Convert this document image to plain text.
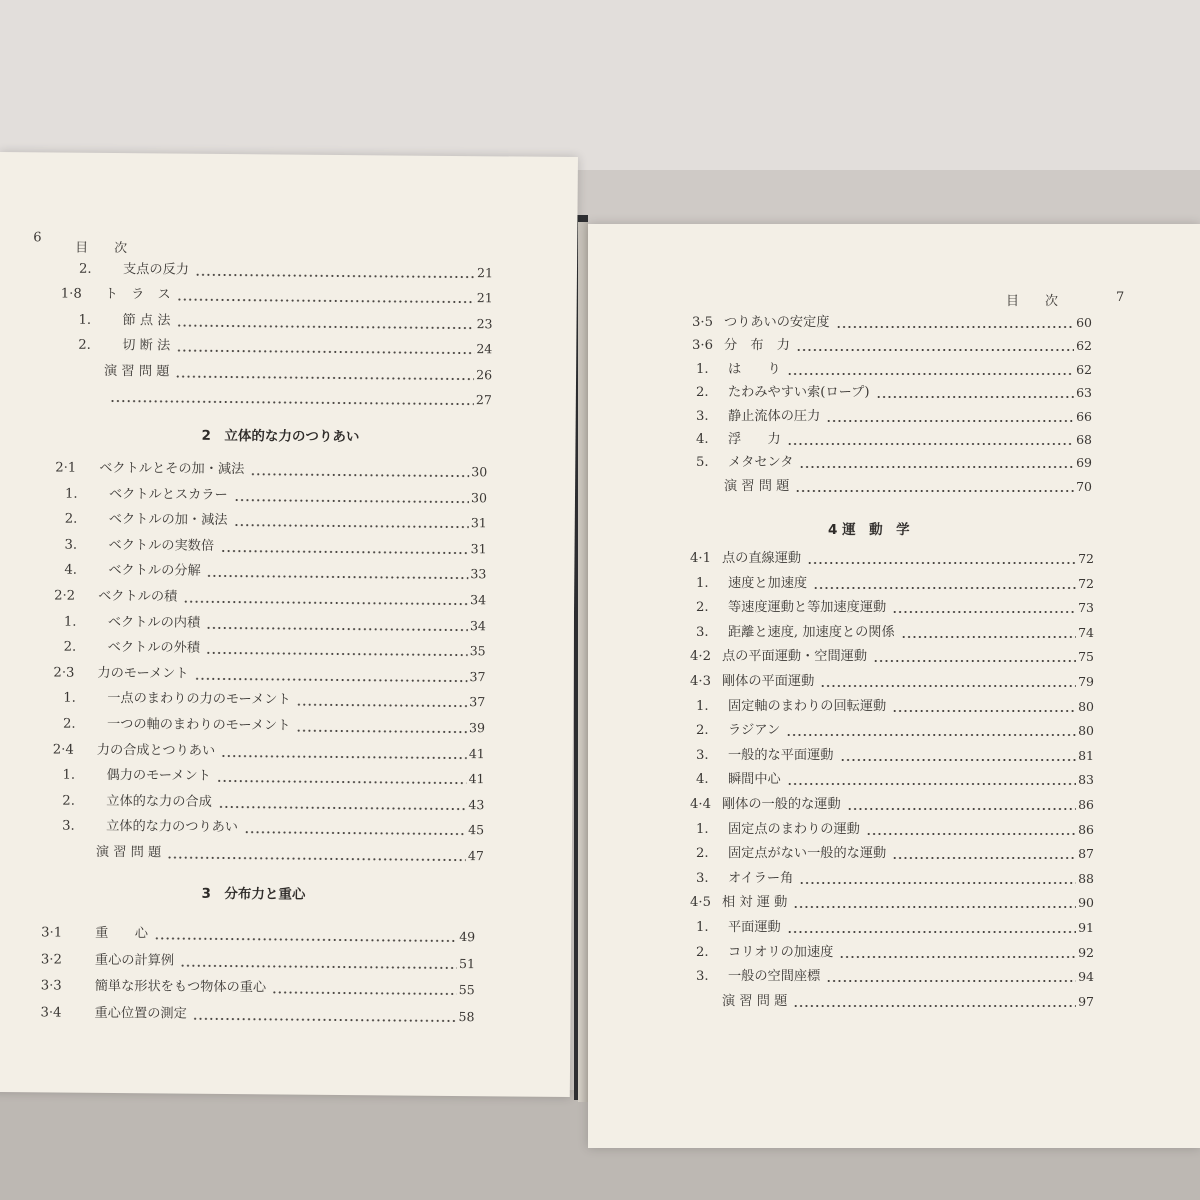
6
目　　次
2.	支点の反力	21
1·8	ト　ラ　ス	21
1.	節 点 法	23
2.	切 断 法	24
演 習 問 題	26
27
2　立体的な力のつりあい
2·1	ベクトルとその加・減法	30
1.	ベクトルとスカラー	30
2.	ベクトルの加・減法	31
3.	ベクトルの実数倍	31
4.	ベクトルの分解	33
2·2	ベクトルの積	34
1.	ベクトルの内積	34
2.	ベクトルの外積	35
2·3	力のモーメント	37
1.	一点のまわりの力のモーメント	37
2.	一つの軸のまわりのモーメント	39
2·4	力の合成とつりあい	41
1.	偶力のモーメント	41
2.	立体的な力の合成	43
3.	立体的な力のつりあい	45
演 習 問 題	47
3　分布力と重心
3·1	重　　心	49
3·2	重心の計算例	51
3·3	簡単な形状をもつ物体の重心	55
3·4	重心位置の測定	58
目　　次	7
3·5 つりあいの安定度	60
3·6 分　布　力	62
1.	は　　り	62
2.	たわみやすい索(ロープ)	63
3.	静止流体の圧力	66
4.	浮　　力	68
5.	メタセンタ	69
演 習 問 題	70
4 運　動　学
4·1 点の直線運動	72
1.	速度と加速度	72
2.	等速度運動と等加速度運動	73
3.	距離と速度, 加速度との関係	74
4·2 点の平面運動・空間運動	75
4·3 剛体の平面運動	79
1.	固定軸のまわりの回転運動	80
2.	ラジアン	80
3.	一般的な平面運動	81
4.	瞬間中心	83
4·4 剛体の一般的な運動	86
1.	固定点のまわりの運動	86
2.	固定点がない一般的な運動	87
3.	オイラー角	88
4·5 相 対 運 動	90
1.	平面運動	91
2.	コリオリの加速度	92
3.	一般の空間座標	94
演 習 問 題	97
